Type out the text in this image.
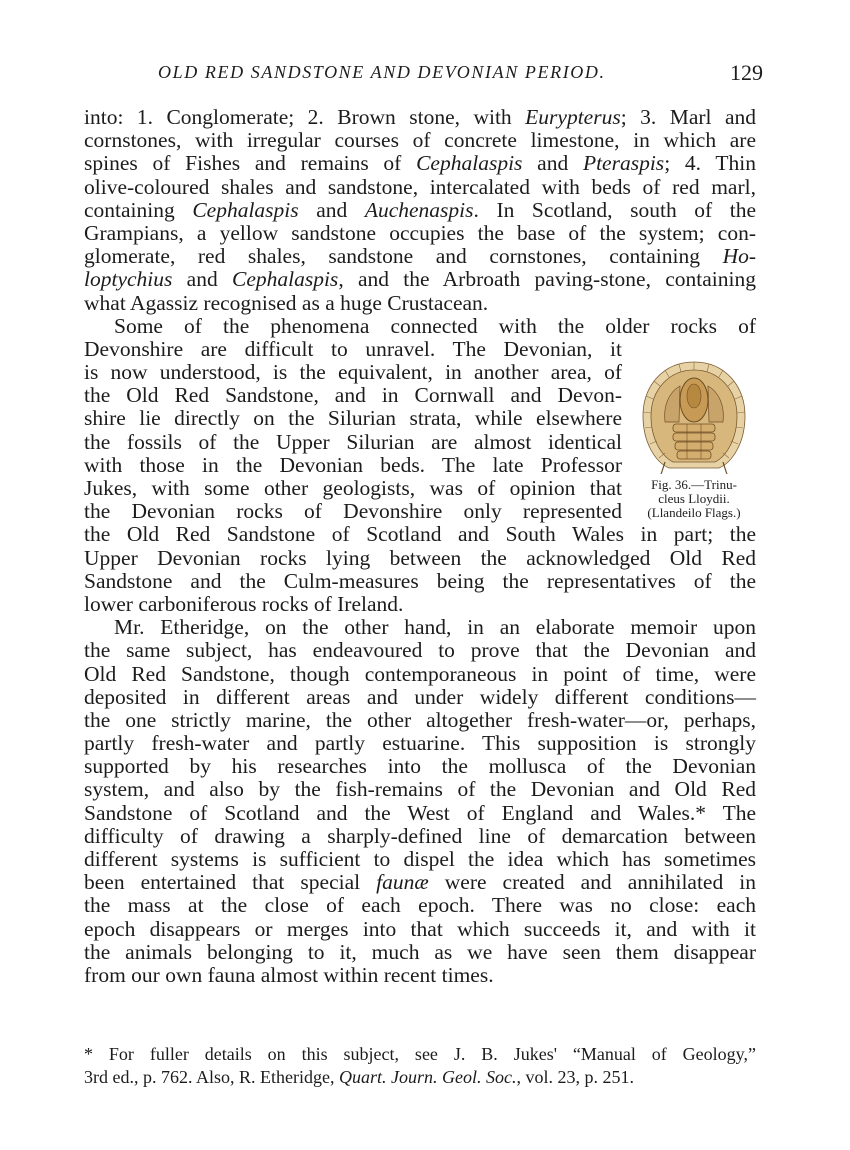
OLD RED SANDSTONE AND DEVONIAN PERIOD.	129
into: 1. Conglomerate; 2. Brown stone, with Eurypterus; 3. Marl and
cornstones, with irregular courses of concrete limestone, in which are
spines of Fishes and remains of Cephalaspis and Pteraspis; 4. Thin
olive-coloured shales and sandstone, intercalated with beds of red marl,
containing Cephalaspis and Auchenaspis. In Scotland, south of the
Grampians, a yellow sandstone occupies the base of the system; con-
glomerate, red shales, sandstone and cornstones, containing Ho-
loptychius and Cephalaspis, and the Arbroath paving-stone, containing
what Agassiz recognised as a huge Crustacean.
Some of the phenomena connected with the older rocks of
Devonshire are difficult to unravel. The Devonian, it
is now understood, is the equivalent, in another area, of
the Old Red Sandstone, and in Cornwall and Devon-
shire lie directly on the Silurian strata, while elsewhere
the fossils of the Upper Silurian are almost identical
with those in the Devonian beds. The late Professor
Jukes, with some other geologists, was of opinion that
the Devonian rocks of Devonshire only represented
the Old Red Sandstone of Scotland and South Wales in part; the
Upper Devonian rocks lying between the acknowledged Old Red
Sandstone and the Culm-measures being the representatives of the
lower carboniferous rocks of Ireland.
Mr. Etheridge, on the other hand, in an elaborate memoir upon
the same subject, has endeavoured to prove that the Devonian and
Old Red Sandstone, though contemporaneous in point of time, were
deposited in different areas and under widely different conditions—
the one strictly marine, the other altogether fresh-water—or, perhaps,
partly fresh-water and partly estuarine. This supposition is strongly
supported by his researches into the mollusca of the Devonian
system, and also by the fish-remains of the Devonian and Old Red
Sandstone of Scotland and the West of England and Wales.* The
difficulty of drawing a sharply-defined line of demarcation between
different systems is sufficient to dispel the idea which has sometimes
been entertained that special faunæ were created and annihilated in
the mass at the close of each epoch. There was no close: each
epoch disappears or merges into that which succeeds it, and with it
the animals belonging to it, much as we have seen them disappear
from our own fauna almost within recent times.
Fig. 36.—Trinu-
cleus Lloydii.
(Llandeilo Flags.)
* For fuller details on this subject, see J. B. Jukes' “Manual of Geology,”
3rd ed., p. 762. Also, R. Etheridge, Quart. Journ. Geol. Soc., vol. 23, p. 251.
